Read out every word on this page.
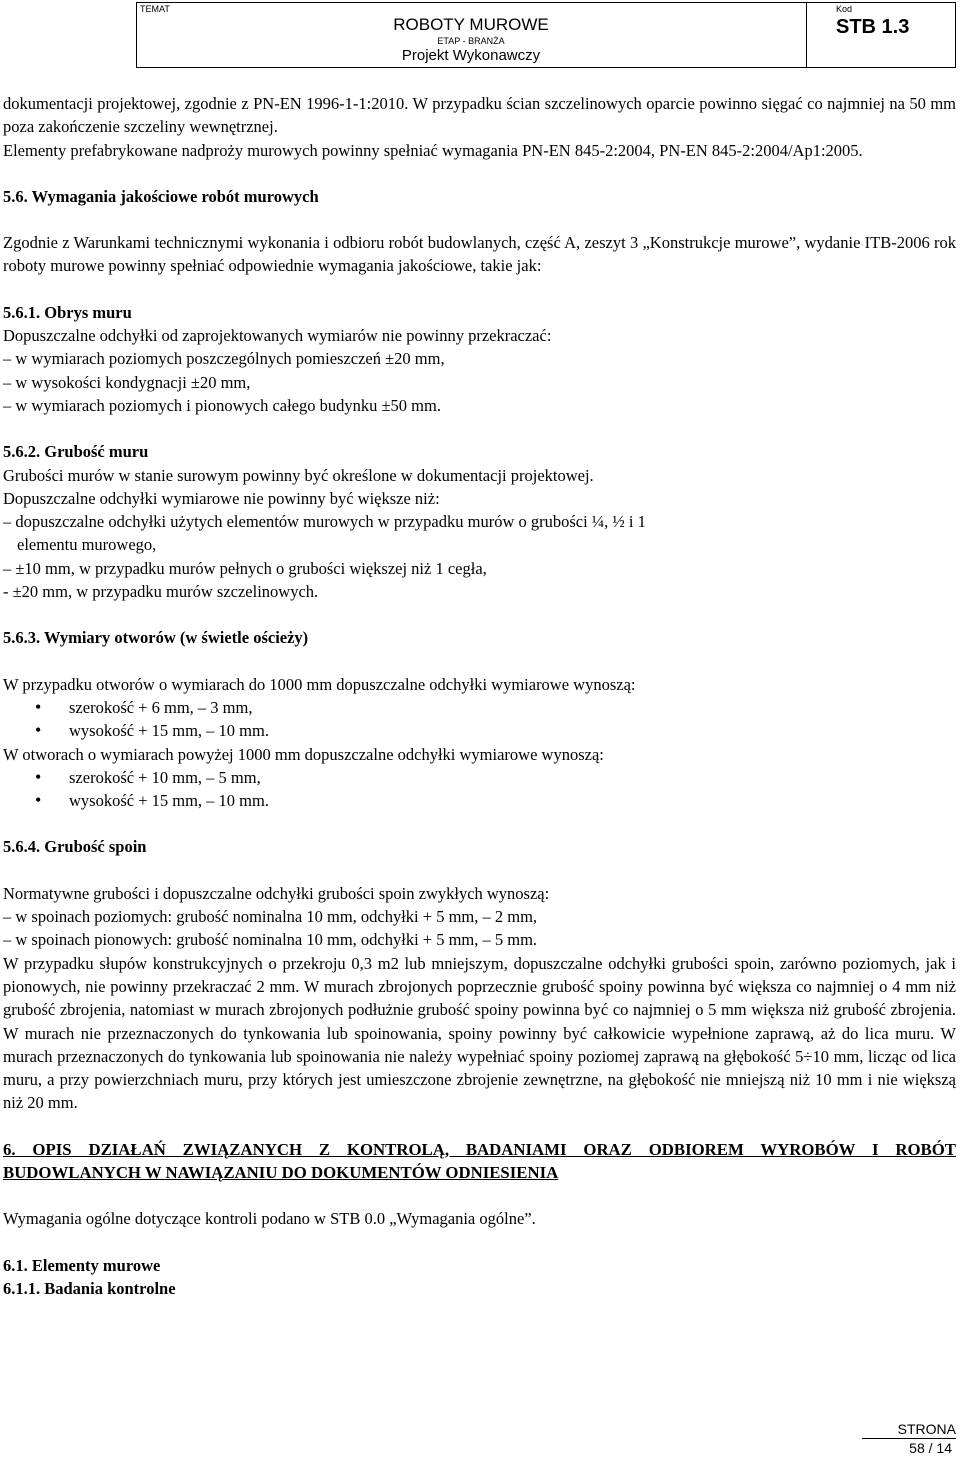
TEMAT	Kod
ROBOTY MUROWE
ETAP - BRANŻA
Projekt Wykonawczy
STB 1.3

dokumentacji projektowej, zgodnie z PN-EN 1996-1-1:2010. W przypadku ścian szczelinowych oparcie powinno sięgać co najmniej na 50 mm poza zakończenie szczeliny wewnętrznej.

Elementy prefabrykowane nadproży murowych powinny spełniać wymagania PN-EN 845-2:2004, PN-EN 845-2:2004/Ap1:2005.

5.6. Wymagania jakościowe robót murowych

Zgodnie z Warunkami technicznymi wykonania i odbioru robót budowlanych, część A, zeszyt 3 „Konstrukcje murowe”, wydanie ITB-2006 rok roboty murowe powinny spełniać odpowiednie wymagania jakościowe, takie jak:

5.6.1. Obrys muru

Dopuszczalne odchyłki od zaprojektowanych wymiarów nie powinny przekraczać:

– w wymiarach poziomych poszczególnych pomieszczeń ±20 mm,

– w wysokości kondygnacji ±20 mm,

– w wymiarach poziomych i pionowych całego budynku ±50 mm.

5.6.2. Grubość muru

Grubości murów w stanie surowym powinny być określone w dokumentacji projektowej.

Dopuszczalne odchyłki wymiarowe nie powinny być większe niż:

– dopuszczalne odchyłki użytych elementów murowych w przypadku murów o grubości ¼, ½ i 1

elementu murowego,

– ±10 mm, w przypadku murów pełnych o grubości większej niż 1 cegła,

- ±20 mm, w przypadku murów szczelinowych.

5.6.3. Wymiary otworów (w świetle ościeży)

W przypadku otworów o wymiarach do 1000 mm dopuszczalne odchyłki wymiarowe wynoszą:

• szerokość + 6 mm, – 3 mm,
• wysokość + 15 mm, – 10 mm.

W otworach o wymiarach powyżej 1000 mm dopuszczalne odchyłki wymiarowe wynoszą:

• szerokość + 10 mm, – 5 mm,
• wysokość + 15 mm, – 10 mm.

5.6.4. Grubość spoin

Normatywne grubości i dopuszczalne odchyłki grubości spoin zwykłych wynoszą:

– w spoinach poziomych: grubość nominalna 10 mm, odchyłki + 5 mm, – 2 mm,

– w spoinach pionowych: grubość nominalna 10 mm, odchyłki + 5 mm, – 5 mm.

W przypadku słupów konstrukcyjnych o przekroju 0,3 m2 lub mniejszym, dopuszczalne odchyłki grubości spoin, zarówno poziomych, jak i pionowych, nie powinny przekraczać 2 mm. W murach zbrojonych poprzecznie grubość spoiny powinna być większa co najmniej o 4 mm niż grubość zbrojenia, natomiast w murach zbrojonych podłużnie grubość spoiny powinna być co najmniej o 5 mm większa niż grubość zbrojenia. W murach nie przeznaczonych do tynkowania lub spoinowania, spoiny powinny być całkowicie wypełnione zaprawą, aż do lica muru. W murach przeznaczonych do tynkowania lub spoinowania nie należy wypełniać spoiny poziomej zaprawą na głębokość 5÷10 mm, licząc od lica muru, a przy powierzchniach muru, przy których jest umieszczone zbrojenie zewnętrzne, na głębokość nie mniejszą niż 10 mm i nie większą niż 20 mm.

6. OPIS DZIAŁAŃ ZWIĄZANYCH Z KONTROLĄ, BADANIAMI ORAZ ODBIOREM WYROBÓW I ROBÓT BUDOWLANYCH W NAWIĄZANIU DO DOKUMENTÓW ODNIESIENIA

Wymagania ogólne dotyczące kontroli podano w STB 0.0 „Wymagania ogólne”.

6.1. Elementy murowe

6.1.1. Badania kontrolne

STRONA
58 / 14
